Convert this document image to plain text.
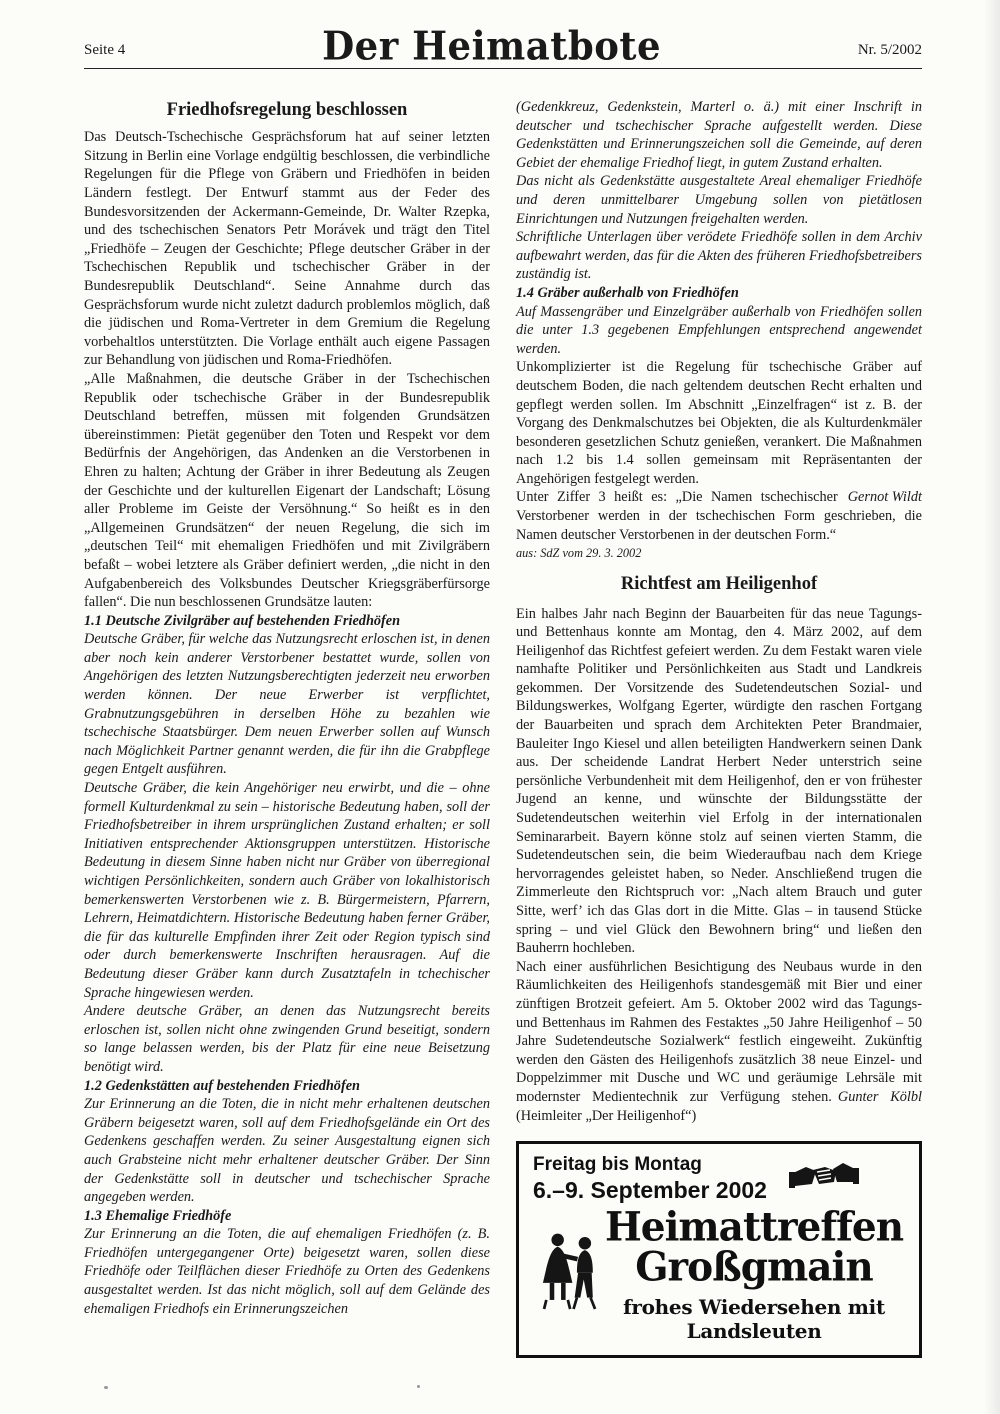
Seite 4	Der Heimatbote	Nr. 5/2002
Friedhofsregelung beschlossen

Das Deutsch-Tschechische Gesprächsforum hat auf seiner letzten Sitzung in Berlin eine Vorlage endgültig beschlossen, die verbindliche Regelungen für die Pflege von Gräbern und Friedhöfen in beiden Ländern festlegt. Der Entwurf stammt aus der Feder des Bundesvorsitzenden der Ackermann-Gemeinde, Dr. Walter Rzepka, und des tschechischen Senators Petr Morávek und trägt den Titel „Friedhöfe – Zeugen der Geschichte; Pflege deutscher Gräber in der Tschechischen Republik und tschechischer Gräber in der Bundesrepublik Deutschland“. Seine Annahme durch das Gesprächsforum wurde nicht zuletzt dadurch problemlos möglich, daß die jüdischen und Roma-Vertreter in dem Gremium die Regelung vorbehaltlos unterstützten. Die Vorlage enthält auch eigene Passagen zur Behandlung von jüdischen und Roma-Friedhöfen.

„Alle Maßnahmen, die deutsche Gräber in der Tschechischen Republik oder tschechische Gräber in der Bundesrepublik Deutschland betreffen, müssen mit folgenden Grundsätzen übereinstimmen: Pietät gegenüber den Toten und Respekt vor dem Bedürfnis der Angehörigen, das Andenken an die Verstorbenen in Ehren zu halten; Achtung der Gräber in ihrer Bedeutung als Zeugen der Geschichte und der kulturellen Eigenart der Landschaft; Lösung aller Probleme im Geiste der Versöhnung.“ So heißt es in den „Allgemeinen Grundsätzen“ der neuen Regelung, die sich im „deutschen Teil“ mit ehemaligen Friedhöfen und mit Zivilgräbern befaßt – wobei letztere als Gräber definiert werden, „die nicht in den Aufgabenbereich des Volksbundes Deutscher Kriegsgräberfürsorge fallen“. Die nun beschlossenen Grundsätze lauten:

1.1 Deutsche Zivilgräber auf bestehenden Friedhöfen

Deutsche Gräber, für welche das Nutzungsrecht erloschen ist, in denen aber noch kein anderer Verstorbener bestattet wurde, sollen von Angehörigen des letzten Nutzungsberechtigten jederzeit neu erworben werden können. Der neue Erwerber ist verpflichtet, Grabnutzungsgebühren in derselben Höhe zu bezahlen wie tschechische Staatsbürger. Dem neuen Erwerber sollen auf Wunsch nach Möglichkeit Partner genannt werden, die für ihn die Grabpflege gegen Entgelt ausführen.

Deutsche Gräber, die kein Angehöriger neu erwirbt, und die – ohne formell Kulturdenkmal zu sein – historische Bedeutung haben, soll der Friedhofsbetreiber in ihrem ursprünglichen Zustand erhalten; er soll Initiativen entsprechender Aktionsgruppen unterstützen. Historische Bedeutung in diesem Sinne haben nicht nur Gräber von überregional wichtigen Persönlichkeiten, sondern auch Gräber von lokalhistorisch bemerkenswerten Verstorbenen wie z. B. Bürgermeistern, Pfarrern, Lehrern, Heimatdichtern. Historische Bedeutung haben ferner Gräber, die für das kulturelle Empfinden ihrer Zeit oder Region typisch sind oder durch bemerkenswerte Inschriften herausragen. Auf die Bedeutung dieser Gräber kann durch Zusatztafeln in tchechischer Sprache hingewiesen werden.

Andere deutsche Gräber, an denen das Nutzungsrecht bereits erloschen ist, sollen nicht ohne zwingenden Grund beseitigt, sondern so lange belassen werden, bis der Platz für eine neue Beisetzung benötigt wird.

1.2 Gedenkstätten auf bestehenden Friedhöfen

Zur Erinnerung an die Toten, die in nicht mehr erhaltenen deutschen Gräbern beigesetzt waren, soll auf dem Friedhofsgelände ein Ort des Gedenkens geschaffen werden. Zu seiner Ausgestaltung eignen sich auch Grabsteine nicht mehr erhaltener deutscher Gräber. Der Sinn der Gedenkstätte soll in deutscher und tschechischer Sprache angegeben werden.

1.3 Ehemalige Friedhöfe

Zur Erinnerung an die Toten, die auf ehemaligen Friedhöfen (z. B. Friedhöfen untergegangener Orte) beigesetzt waren, sollen diese Friedhöfe oder Teilflächen dieser Friedhöfe zu Orten des Gedenkens ausgestaltet werden. Ist das nicht möglich, soll auf dem Gelände des ehemaligen Friedhofs ein Erinnerungszeichen

(Gedenkkreuz, Gedenkstein, Marterl o. ä.) mit einer Inschrift in deutscher und tschechischer Sprache aufgestellt werden. Diese Gedenkstätten und Erinnerungszeichen soll die Gemeinde, auf deren Gebiet der ehemalige Friedhof liegt, in gutem Zustand erhalten.

Das nicht als Gedenkstätte ausgestaltete Areal ehemaliger Friedhöfe und deren unmittelbarer Umgebung sollen von pietätlosen Einrichtungen und Nutzungen freigehalten werden.

Schriftliche Unterlagen über verödete Friedhöfe sollen in dem Archiv aufbewahrt werden, das für die Akten des früheren Friedhofsbetreibers zuständig ist.

1.4 Gräber außerhalb von Friedhöfen

Auf Massengräber und Einzelgräber außerhalb von Friedhöfen sollen die unter 1.3 gegebenen Empfehlungen entsprechend angewendet werden.

Unkomplizierter ist die Regelung für tschechische Gräber auf deutschem Boden, die nach geltendem deutschen Recht erhalten und gepflegt werden sollen. Im Abschnitt „Einzelfragen“ ist z. B. der Vorgang des Denkmalschutzes bei Objekten, die als Kulturdenkmäler besonderen gesetzlichen Schutz genießen, verankert. Die Maßnahmen nach 1.2 bis 1.4 sollen gemeinsam mit Repräsentanten der Angehörigen festgelegt werden.

Gernot Wildt
Unter Ziffer 3 heißt es: „Die Namen tschechischer Verstorbener werden in der tschechischen Form geschrieben, die Namen deutscher Verstorbenen in der deutschen Form.“

aus: SdZ vom 29. 3. 2002

Richtfest am Heiligenhof

Ein halbes Jahr nach Beginn der Bauarbeiten für das neue Tagungs- und Bettenhaus konnte am Montag, den 4. März 2002, auf dem Heiligenhof das Richtfest gefeiert werden. Zu dem Festakt waren viele namhafte Politiker und Persönlichkeiten aus Stadt und Landkreis gekommen. Der Vorsitzende des Sudetendeutschen Sozial- und Bildungswerkes, Wolfgang Egerter, würdigte den raschen Fortgang der Bauarbeiten und sprach dem Architekten Peter Brandmaier, Bauleiter Ingo Kiesel und allen beteiligten Handwerkern seinen Dank aus. Der scheidende Landrat Herbert Neder unterstrich seine persönliche Verbundenheit mit dem Heiligenhof, den er von frühester Jugend an kenne, und wünschte der Bildungsstätte der Sudetendeutschen weiterhin viel Erfolg in der internationalen Seminararbeit. Bayern könne stolz auf seinen vierten Stamm, die Sudetendeutschen sein, die beim Wiederaufbau nach dem Kriege hervorragendes geleistet haben, so Neder. Anschließend trugen die Zimmerleute den Richtspruch vor: „Nach altem Brauch und guter Sitte, werf’ ich das Glas dort in die Mitte. Glas – in tausend Stücke spring – und viel Glück den Bewohnern bring“ und ließen den Bauherrn hochleben.

Nach einer ausführlichen Besichtigung des Neubaus wurde in den Räumlichkeiten des Heiligenhofs standesgemäß mit Bier und einer zünftigen Brotzeit gefeiert. Am 5. Oktober 2002 wird das Tagungs- und Bettenhaus im Rahmen des Festaktes „50 Jahre Heiligenhof – 50 Jahre Sudetendeutsche Sozialwerk“ festlich eingeweiht. Zukünftig werden den Gästen des Heiligenhofs zusätzlich 38 neue Einzel- und Doppelzimmer mit Dusche und WC und geräumige Lehrsäle mit modernster Medientechnik zur Verfügung stehen. Gunter Kölbl (Heimleiter „Der Heiligenhof“)

Freitag bis Montag
6.–9. September 2002
Heimattreffen
Großgmain
frohes Wiedersehen mit Landsleuten
